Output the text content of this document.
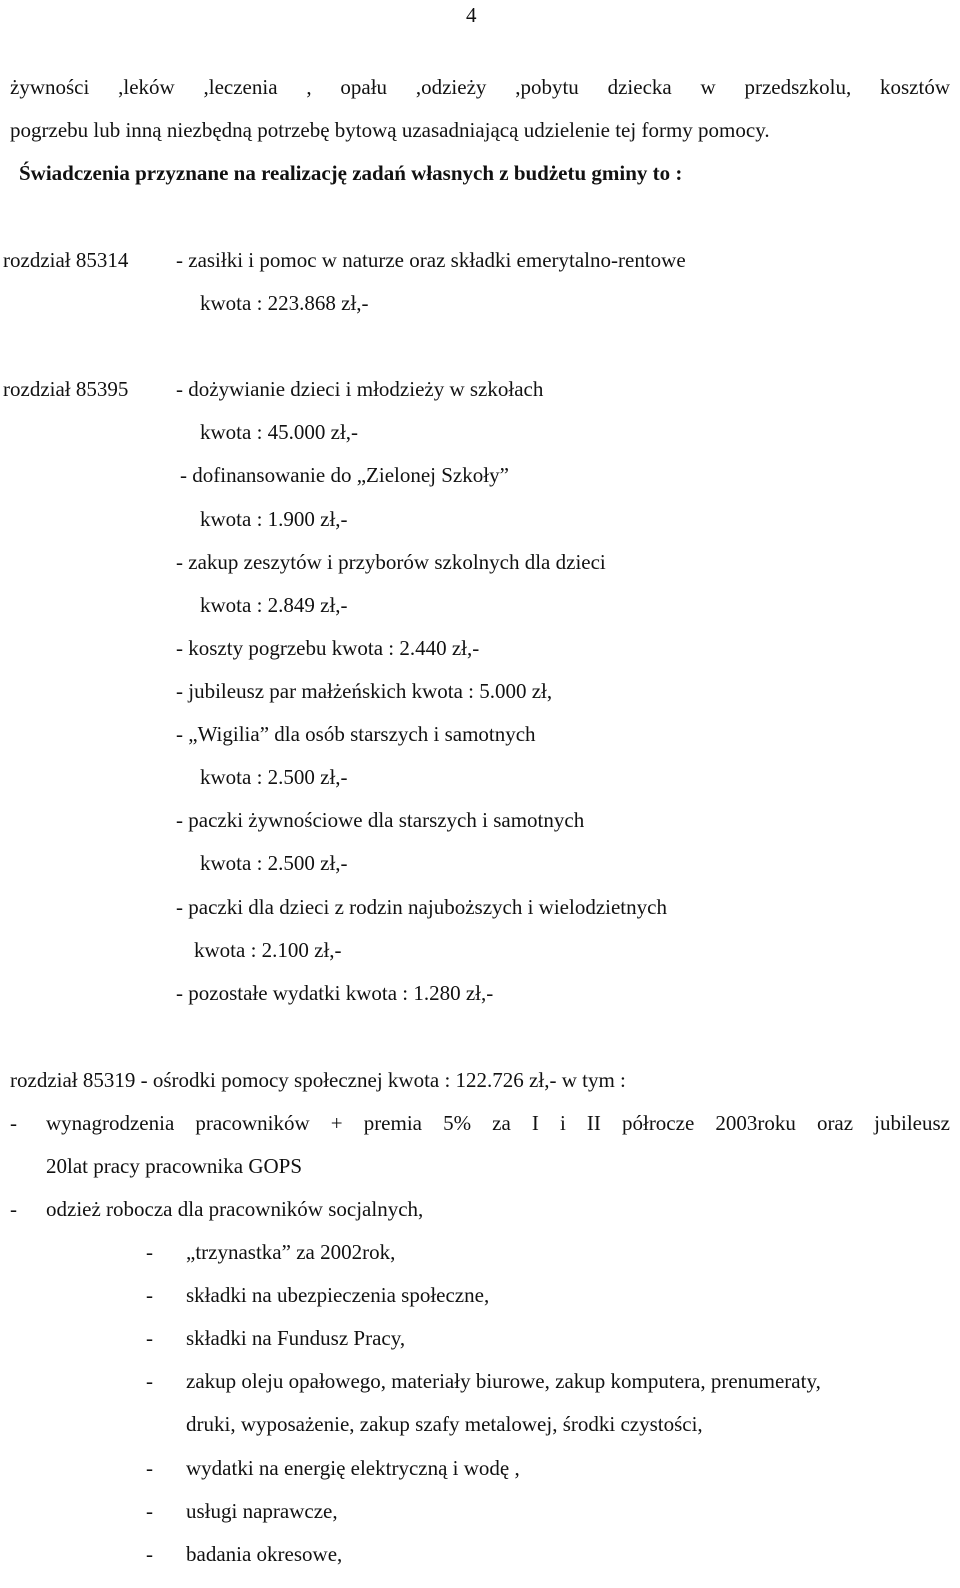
4
żywności ,leków ,leczenia , opału ,odzieży ,pobytu dziecka w przedszkolu, kosztów
pogrzebu lub inną niezbędną potrzebę bytową uzasadniającą udzielenie tej formy pomocy.
Świadczenia przyznane na realizację zadań własnych z budżetu gminy to :
rozdział 85314 - zasiłki i pomoc w naturze oraz składki emerytalno-rentowe
kwota : 223.868 zł,-
rozdział 85395 - dożywianie dzieci i młodzieży w szkołach
kwota : 45.000 zł,-
- dofinansowanie do „Zielonej Szkoły”
kwota : 1.900 zł,-
- zakup zeszytów i przyborów szkolnych dla dzieci
kwota : 2.849 zł,-
- koszty pogrzebu kwota : 2.440 zł,-
- jubileusz par małżeńskich kwota : 5.000 zł,
- „Wigilia” dla osób starszych i samotnych
kwota : 2.500 zł,-
- paczki żywnościowe dla starszych i samotnych
kwota : 2.500 zł,-
- paczki dla dzieci z rodzin najuboższych i wielodzietnych
kwota : 2.100 zł,-
- pozostałe wydatki kwota : 1.280 zł,-
rozdział 85319 - ośrodki pomocy społecznej kwota : 122.726 zł,- w tym :
- wynagrodzenia pracowników + premia 5% za I i II półrocze 2003roku oraz jubileusz
20lat pracy pracownika GOPS
- odzież robocza dla pracowników socjalnych,
- „trzynastka” za 2002rok,
- składki na ubezpieczenia społeczne,
- składki na Fundusz Pracy,
- zakup oleju opałowego, materiały biurowe, zakup komputera, prenumeraty,
druki, wyposażenie, zakup szafy metalowej, środki czystości,
- wydatki na energię elektryczną i wodę ,
- usługi naprawcze,
- badania okresowe,
